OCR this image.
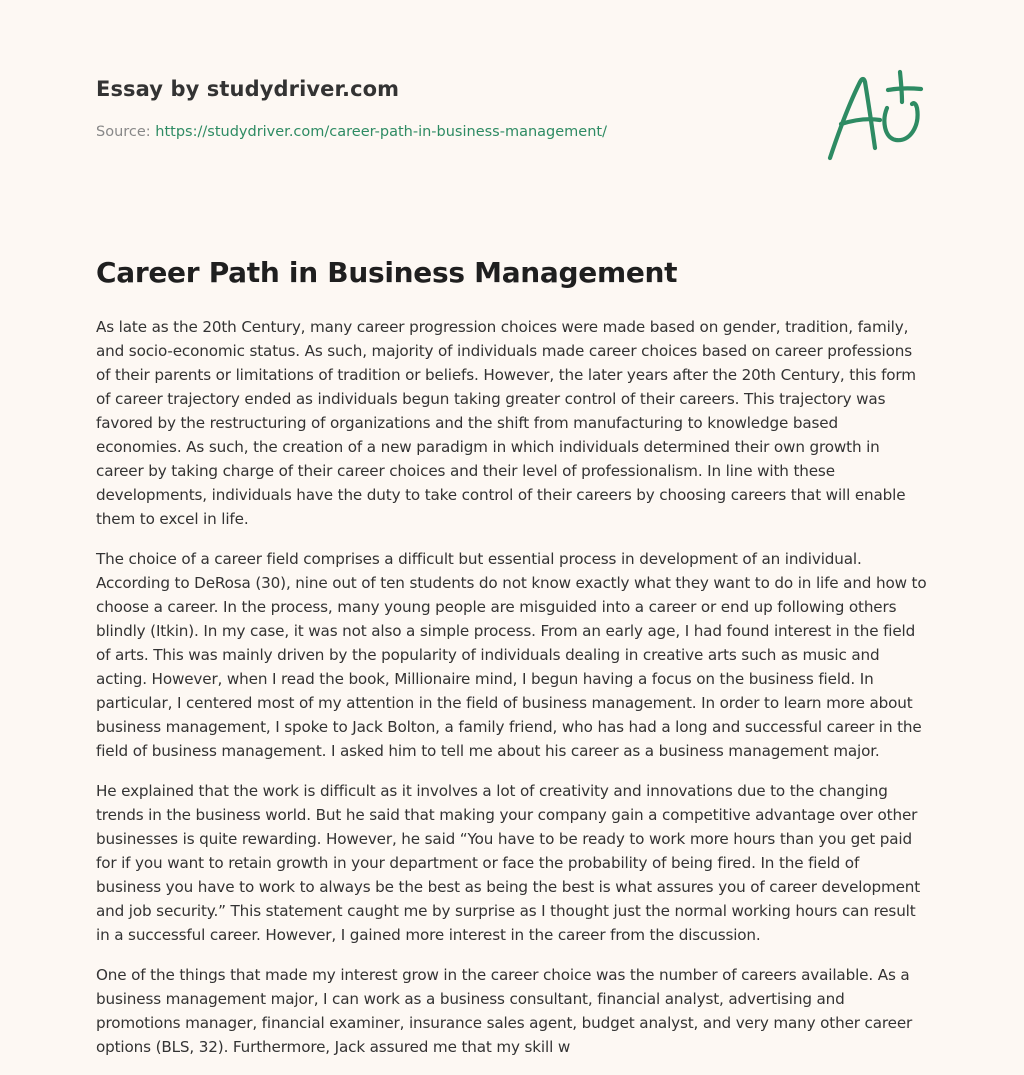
Essay by studydriver.com
Source: https://studydriver.com/career-path-in-business-management/
Career Path in Business Management

As late as the 20th Century, many career progression choices were made based on gender, tradition, family, and socio-economic status. As such, majority of individuals made career choices based on career professions of their parents or limitations of tradition or beliefs. However, the later years after the 20th Century, this form of career trajectory ended as individuals begun taking greater control of their careers. This trajectory was favored by the restructuring of organizations and the shift from manufacturing to knowledge based economies. As such, the creation of a new paradigm in which individuals determined their own growth in career by taking charge of their career choices and their level of professionalism. In line with these developments, individuals have the duty to take control of their careers by choosing careers that will enable them to excel in life.

The choice of a career field comprises a difficult but essential process in development of an individual. According to DeRosa (30), nine out of ten students do not know exactly what they want to do in life and how to choose a career. In the process, many young people are misguided into a career or end up following others blindly (Itkin). In my case, it was not also a simple process. From an early age, I had found interest in the field of arts. This was mainly driven by the popularity of individuals dealing in creative arts such as music and acting. However, when I read the book, Millionaire mind, I begun having a focus on the business field. In particular, I centered most of my attention in the field of business management. In order to learn more about business management, I spoke to Jack Bolton, a family friend, who has had a long and successful career in the field of business management. I asked him to tell me about his career as a business management major.

He explained that the work is difficult as it involves a lot of creativity and innovations due to the changing trends in the business world. But he said that making your company gain a competitive advantage over other businesses is quite rewarding. However, he said “You have to be ready to work more hours than you get paid for if you want to retain growth in your department or face the probability of being fired. In the field of business you have to work to always be the best as being the best is what assures you of career development and job security.” This statement caught me by surprise as I thought just the normal working hours can result in a successful career. However, I gained more interest in the career from the discussion.

One of the things that made my interest grow in the career choice was the number of careers available. As a business management major, I can work as a business consultant, financial analyst, advertising and promotions manager, financial examiner, insurance sales agent, budget analyst, and very many other career options (BLS, 32). Furthermore, Jack assured me that my skill w
